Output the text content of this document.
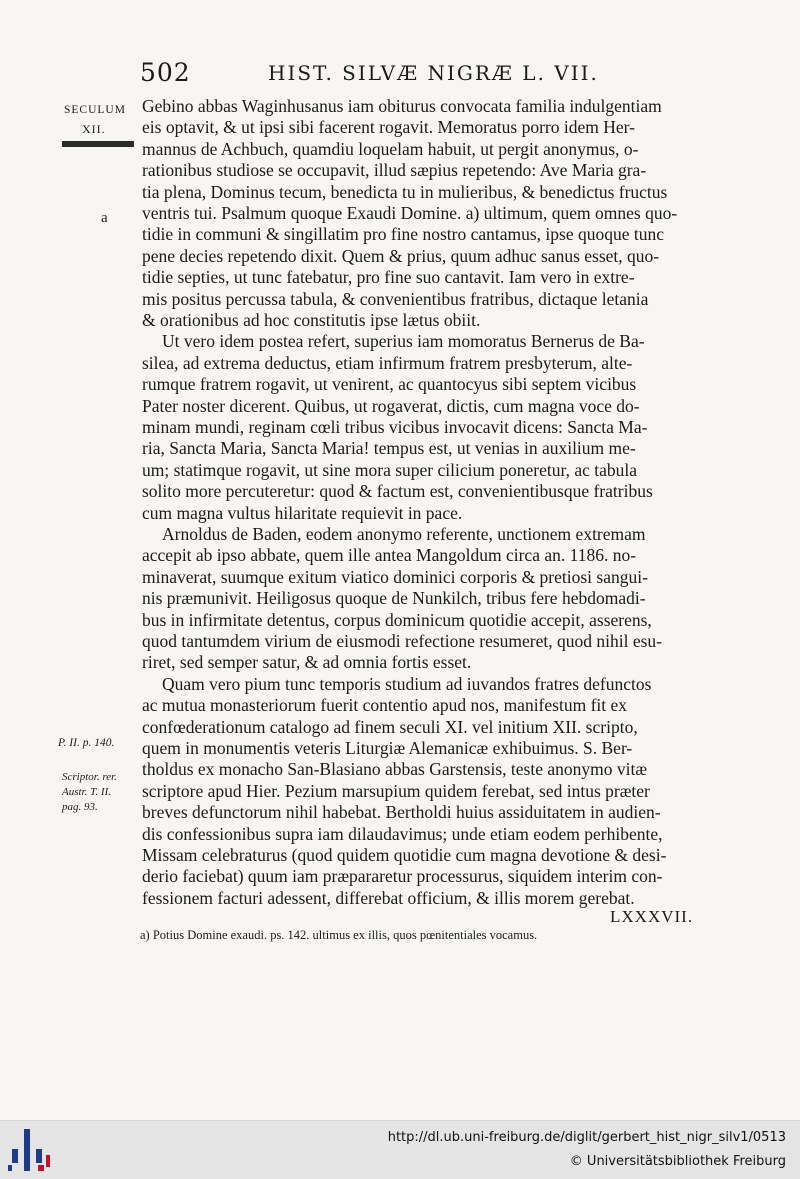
502	HIST. SILVÆ NIGRÆ L. VII.
SECULUM
XII.
a
P. II. p. 140.
Scriptor. rer.
Austr. T. II.
pag. 93.
Gebino abbas Waginhusanus iam obiturus convocata familia indulgentiam
eis optavit, & ut ipsi sibi facerent rogavit. Memoratus porro idem Her-
mannus de Achbuch, quamdiu loquelam habuit, ut pergit anonymus, o-
rationibus studiose se occupavit, illud sæpius repetendo: Ave Maria gra-
tia plena, Dominus tecum, benedicta tu in mulieribus, & benedictus fructus
ventris tui. Psalmum quoque Exaudi Domine. a) ultimum, quem omnes quo-
tidie in communi & singillatim pro fine nostro cantamus, ipse quoque tunc
pene decies repetendo dixit. Quem & prius, quum adhuc sanus esset, quo-
tidie septies, ut tunc fatebatur, pro fine suo cantavit. Iam vero in extre-
mis positus percussa tabula, & convenientibus fratribus, dictaque letania
& orationibus ad hoc constitutis ipse lætus obiit.
Ut vero idem postea refert, superius iam momoratus Bernerus de Ba-
silea, ad extrema deductus, etiam infirmum fratrem presbyterum, alte-
rumque fratrem rogavit, ut venirent, ac quantocyus sibi septem vicibus
Pater noster dicerent. Quibus, ut rogaverat, dictis, cum magna voce do-
minam mundi, reginam cœli tribus vicibus invocavit dicens: Sancta Ma-
ria, Sancta Maria, Sancta Maria! tempus est, ut venias in auxilium me-
um; statimque rogavit, ut sine mora super cilicium poneretur, ac tabula
solito more percuteretur: quod & factum est, convenientibusque fratribus
cum magna vultus hilaritate requievit in pace.
Arnoldus de Baden, eodem anonymo referente, unctionem extremam
accepit ab ipso abbate, quem ille antea Mangoldum circa an. 1186. no-
minaverat, suumque exitum viatico dominici corporis & pretiosi sangui-
nis præmunivit. Heiligosus quoque de Nunkilch, tribus fere hebdomadi-
bus in infirmitate detentus, corpus dominicum quotidie accepit, asserens,
quod tantumdem virium de eiusmodi refectione resumeret, quod nihil esu-
riret, sed semper satur, & ad omnia fortis esset.
Quam vero pium tunc temporis studium ad iuvandos fratres defunctos
ac mutua monasteriorum fuerit contentio apud nos, manifestum fit ex
confœderationum catalogo ad finem seculi XI. vel initium XII. scripto,
quem in monumentis veteris Liturgiæ Alemanicæ exhibuimus. S. Ber-
tholdus ex monacho San-Blasiano abbas Garstensis, teste anonymo vitæ
scriptore apud Hier. Pezium marsupium quidem ferebat, sed intus præter
breves defunctorum nihil habebat. Bertholdi huius assiduitatem in audien-
dis confessionibus supra iam dilaudavimus; unde etiam eodem perhibente,
Missam celebraturus (quod quidem quotidie cum magna devotione & desi-
derio faciebat) quum iam præpararetur processurus, siquidem interim con-
fessionem facturi adessent, differebat officium, & illis morem gerebat.
LXXXVII.
a) Potius Domine exaudi. ps. 142. ultimus ex illis, quos pœnitentiales vocamus.
http://dl.ub.uni-freiburg.de/diglit/gerbert_hist_nigr_silv1/0513
© Universitätsbibliothek Freiburg
